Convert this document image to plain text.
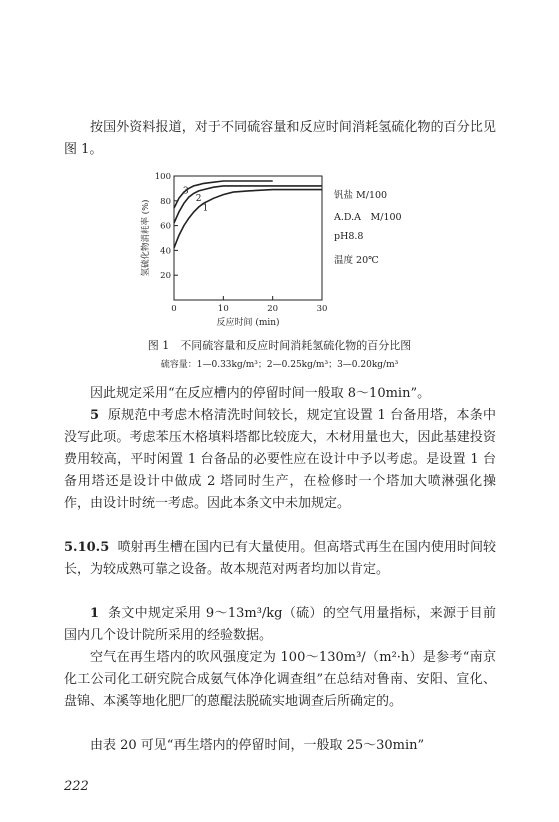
按国外资料报道，对于不同硫容量和反应时间消耗氢硫化物的百分比见图 1。

20
40
60
80
100
0	10	20	30
反应时间 (min)
氢硫化物消耗率 (%)	1
2
3	钒盐 M/100
A.D.A　M/100
pH8.8
温度 20℃
图 1　不同硫容量和反应时间消耗氢硫化物的百分比图
硫容量：1—0.33kg/m³；2—0.25kg/m³；3—0.20kg/m³

因此规定采用“在反应槽内的停留时间一般取 8～10min”。

5 原规范中考虑木格清洗时间较长，规定宜设置 1 台备用塔，本条中没写此项。考虑苯压木格填料塔都比较庞大，木材用量也大，因此基建投资费用较高，平时闲置 1 台备品的必要性应在设计中予以考虑。是设置 1 台备用塔还是设计中做成 2 塔同时生产，在检修时一个塔加大喷淋强化操作，由设计时统一考虑。因此本条文中未加规定。

5.10.5 喷射再生槽在国内已有大量使用。但高塔式再生在国内使用时间较长，为较成熟可靠之设备。故本规范对两者均加以肯定。

1 条文中规定采用 9～13m³/kg（硫）的空气用量指标，来源于目前国内几个设计院所采用的经验数据。

空气在再生塔内的吹风强度定为 100～130m³/（m²·h）是参考“南京化工公司化工研究院合成氨气体净化调查组”在总结对鲁南、安阳、宣化、盘锦、本溪等地化肥厂的蒽醌法脱硫实地调查后所确定的。

由表 20 可见“再生塔内的停留时间，一般取 25～30min”

222
